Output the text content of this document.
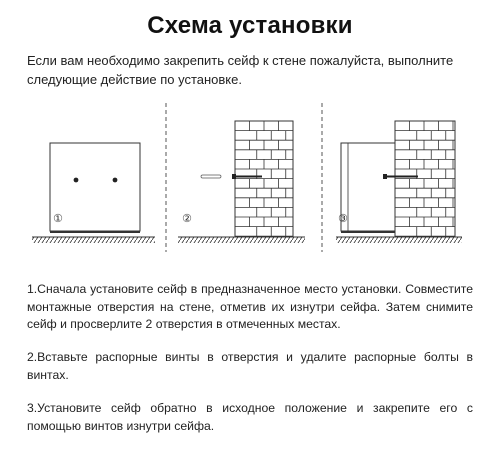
Схема установки
Если вам необходимо закрепить сейф к стене пожалуйста, выполните следующие действие по установке.
①	②	③
1.Сначала установите сейф в предназначенное место установки. Совместите монтажные отверстия на стене, отметив их изнутри сейфа. Затем снимите сейф и просверлите 2 отверстия в отмеченных местах.
2.Вставьте распорные винты в отверстия и удалите распорные болты в винтах.
3.Установите сейф обратно в исходное положение и закрепите его с помощью винтов изнутри сейфа.
